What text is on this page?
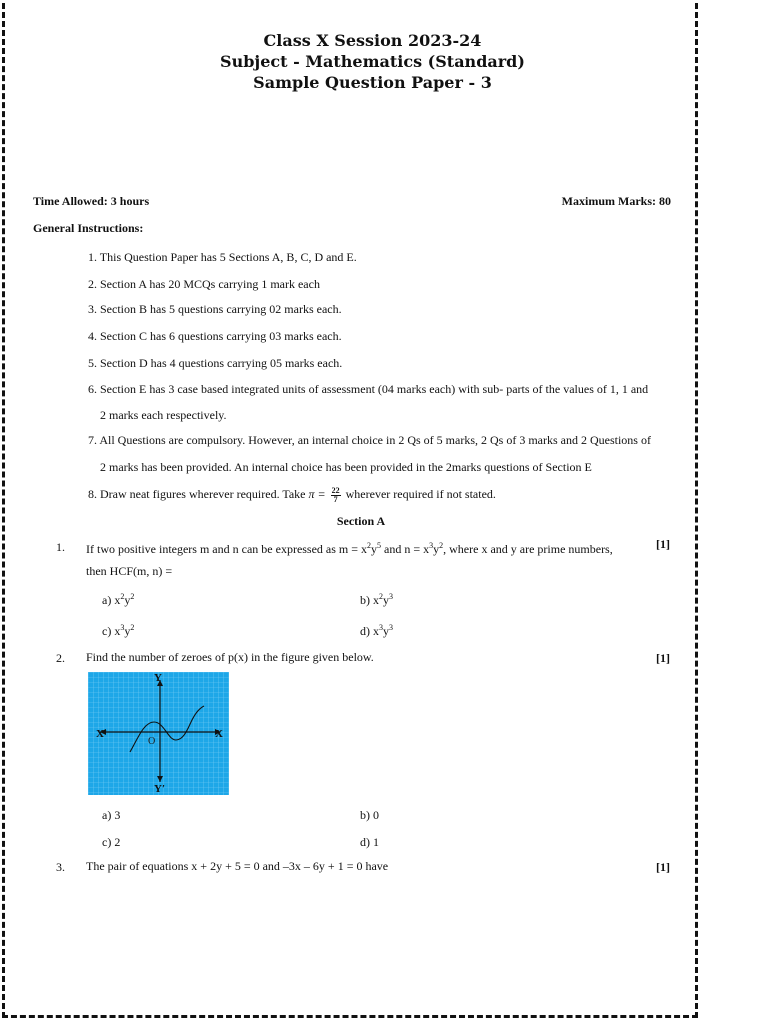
Class X Session 2023-24
Subject - Mathematics (Standard)
Sample Question Paper - 3
Time Allowed: 3 hours	Maximum Marks: 80
General Instructions:
1. This Question Paper has 5 Sections A, B, C, D and E.
2. Section A has 20 MCQs carrying 1 mark each
3. Section B has 5 questions carrying 02 marks each.
4. Section C has 6 questions carrying 03 marks each.
5. Section D has 4 questions carrying 05 marks each.
6. Section E has 3 case based integrated units of assessment (04 marks each) with sub- parts of the values of 1, 1 and
2 marks each respectively.
7. All Questions are compulsory. However, an internal choice in 2 Qs of 5 marks, 2 Qs of 3 marks and 2 Questions of
2 marks has been provided. An internal choice has been provided in the 2marks questions of Section E
8. Draw neat figures wherever required. Take $\pi = \frac{22}{7}$ wherever required if not stated.
Section A
1. If two positive integers m and n can be expressed as $m = x^2y^5$ and $n = x^3y^2$, where x and y are prime numbers,
then HCF(m, n) =
[1]
a) $x^2y^2$	b) $x^2y^3$
c) $x^3y^2$	d) $x^3y^3$
2. Find the number of zeroes of p(x) in the figure given below.	[1]
Y
Y′
X
X′
O
a) 3	b) 0
c) 2	d) 1
3. The pair of equations x + 2y + 5 = 0 and –3x – 6y + 1 = 0 have	[1]
